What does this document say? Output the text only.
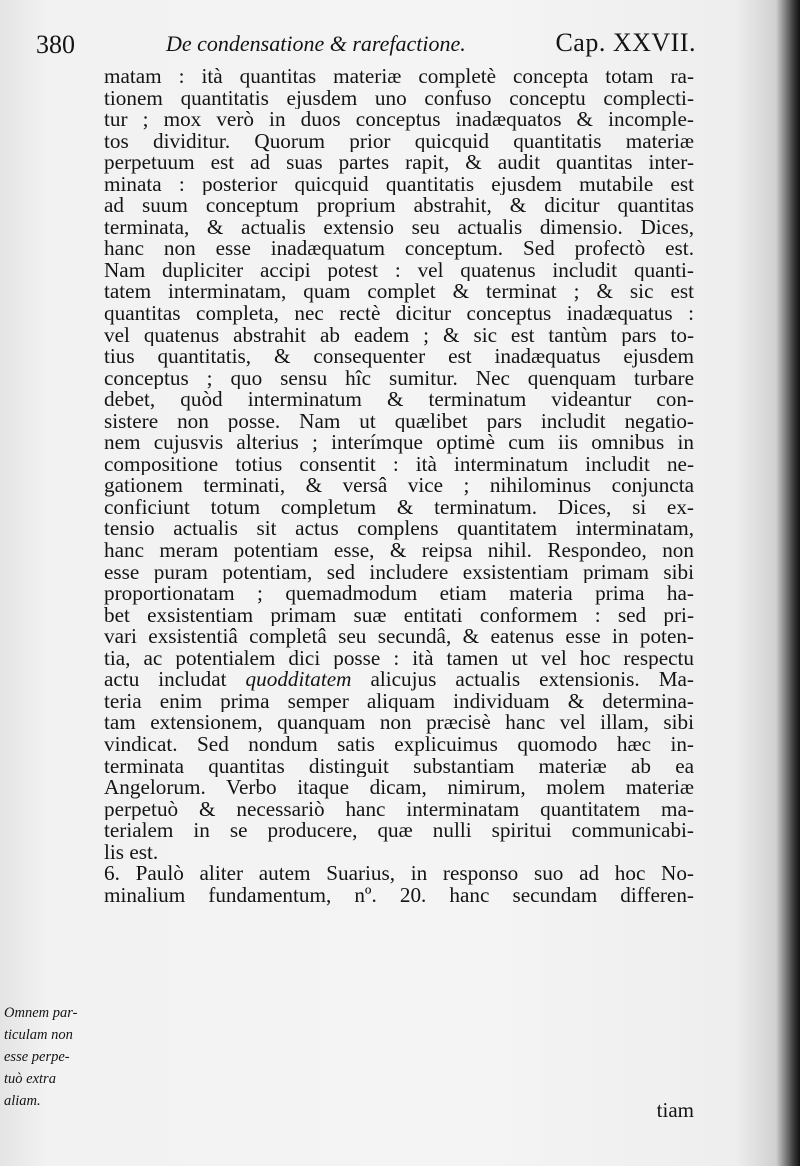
380	De condensatione & rarefactione.	Cap. XXVII.
matam : ità quantitas materiæ completè concepta totam ra-
tionem quantitatis ejusdem uno confuso conceptu complecti-
tur ; mox verò in duos conceptus inadæquatos & incomple-
tos dividitur. Quorum prior quicquid quantitatis materiæ
perpetuum est ad suas partes rapit, & audit quantitas inter-
minata : posterior quicquid quantitatis ejusdem mutabile est
ad suum conceptum proprium abstrahit, & dicitur quantitas
terminata, & actualis extensio seu actualis dimensio. Dices,
hanc non esse inadæquatum conceptum. Sed profectò est.
Nam dupliciter accipi potest : vel quatenus includit quanti-
tatem interminatam, quam complet & terminat ; & sic est
quantitas completa, nec rectè dicitur conceptus inadæquatus :
vel quatenus abstrahit ab eadem ; & sic est tantùm pars to-
tius quantitatis, & consequenter est inadæquatus ejusdem
conceptus ; quo sensu hîc sumitur. Nec quenquam turbare
debet, quòd interminatum & terminatum videantur con-
sistere non posse. Nam ut quælibet pars includit negatio-
nem cujusvis alterius ; interímque optimè cum iis omnibus in
compositione totius consentit : ità interminatum includit ne-
gationem terminati, & versâ vice ; nihilominus conjuncta
conficiunt totum completum & terminatum. Dices, si ex-
tensio actualis sit actus complens quantitatem interminatam,
hanc meram potentiam esse, & reipsa nihil. Respondeo, non
esse puram potentiam, sed includere exsistentiam primam sibi
proportionatam ; quemadmodum etiam materia prima ha-
bet exsistentiam primam suæ entitati conformem : sed pri-
vari exsistentiâ completâ seu secundâ, & eatenus esse in poten-
tia, ac potentialem dici posse : ità tamen ut vel hoc respectu
actu includat quodditatem alicujus actualis extensionis. Ma-
teria enim prima semper aliquam individuam & determina-
tam extensionem, quanquam non præcisè hanc vel illam, sibi
vindicat. Sed nondum satis explicuimus quomodo hæc in-
terminata quantitas distinguit substantiam materiæ ab ea
Angelorum. Verbo itaque dicam, nimirum, molem materiæ
perpetuò & necessariò hanc interminatam quantitatem ma-
terialem in se producere, quæ nulli spiritui communicabi-
lis est.
6. Paulò aliter autem Suarius, in responso suo ad hoc No-
minalium fundamentum, nº. 20. hanc secundam differen-
Omnem par-
ticulam non
esse perpe-
tuò extra
aliam.	tiam
